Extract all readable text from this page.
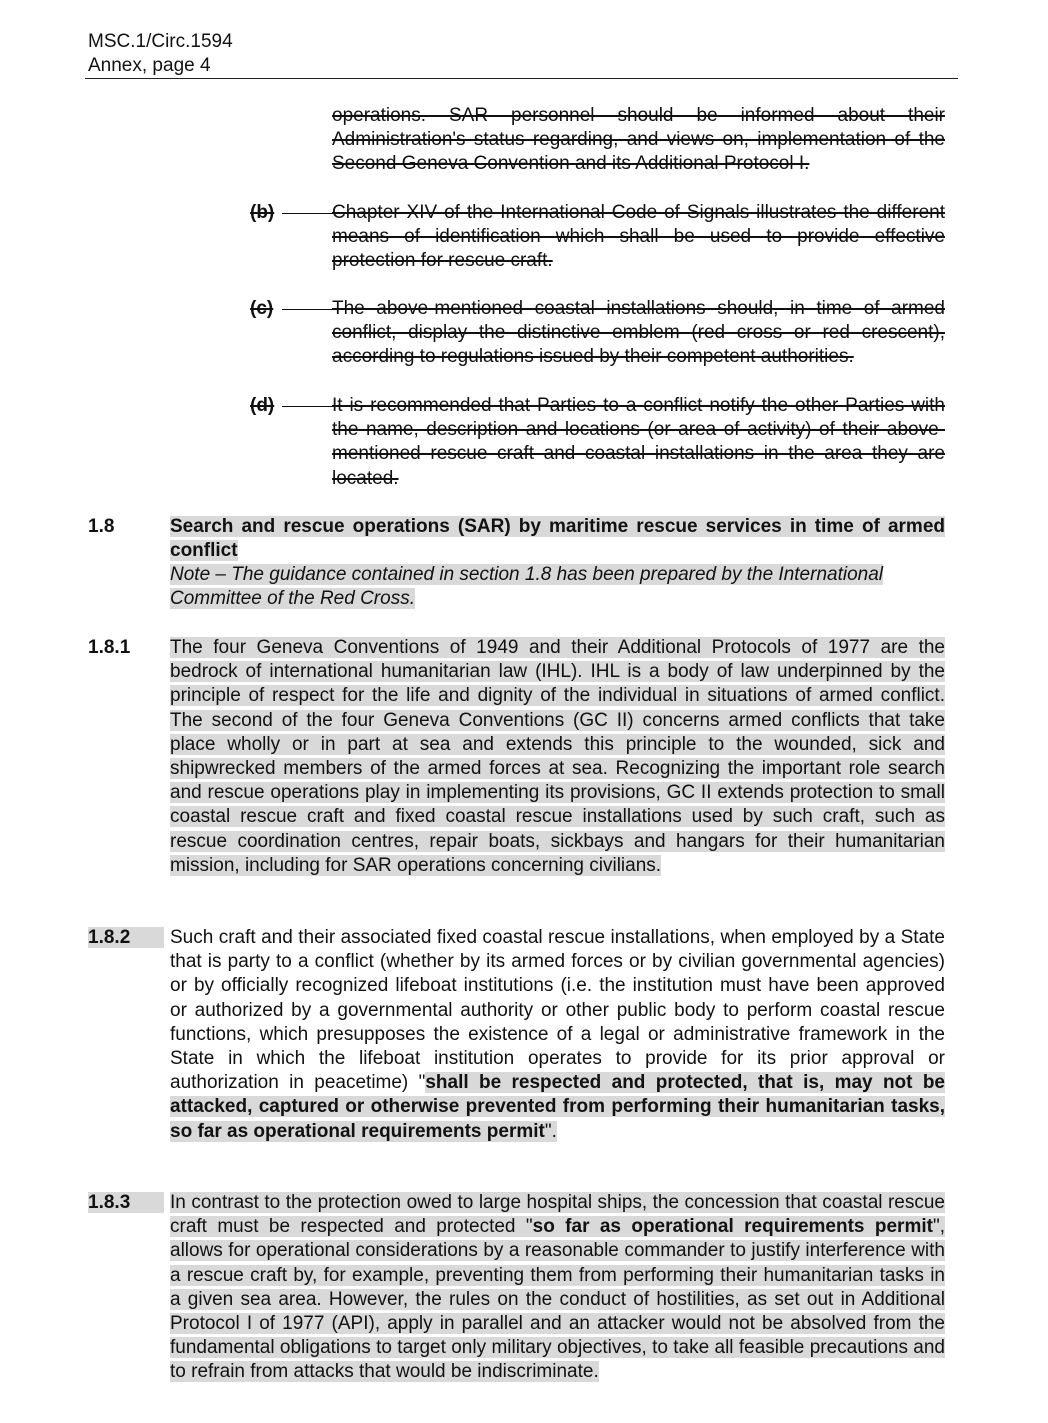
MSC.1/Circ.1594
Annex, page 4
operations. SAR personnel should be informed about their Administration's status regarding, and views on, implementation of the Second Geneva Convention and its Additional Protocol I.
(b)	Chapter XIV of the International Code of Signals illustrates the different means of identification which shall be used to provide effective protection for rescue craft.
(c)	The above-mentioned coastal installations should, in time of armed conflict, display the distinctive emblem (red cross or red crescent), according to regulations issued by their competent authorities.
(d)	It is recommended that Parties to a conflict notify the other Parties with the name, description and locations (or area of activity) of their above-mentioned rescue craft and coastal installations in the area they are located.
1.8	Search and rescue operations (SAR) by maritime rescue services in time of armed conflict
Note – The guidance contained in section 1.8 has been prepared by the International Committee of the Red Cross.
1.8.1 The four Geneva Conventions of 1949 and their Additional Protocols of 1977 are the bedrock of international humanitarian law (IHL). IHL is a body of law underpinned by the principle of respect for the life and dignity of the individual in situations of armed conflict. The second of the four Geneva Conventions (GC II) concerns armed conflicts that take place wholly or in part at sea and extends this principle to the wounded, sick and shipwrecked members of the armed forces at sea. Recognizing the important role search and rescue operations play in implementing its provisions, GC II extends protection to small coastal rescue craft and fixed coastal rescue installations used by such craft, such as rescue coordination centres, repair boats, sickbays and hangars for their humanitarian mission, including for SAR operations concerning civilians.
1.8.2	Such craft and their associated fixed coastal rescue installations, when employed by a State that is party to a conflict (whether by its armed forces or by civilian governmental agencies) or by officially recognized lifeboat institutions (i.e. the institution must have been approved or authorized by a governmental authority or other public body to perform coastal rescue functions, which presupposes the existence of a legal or administrative framework in the State in which the lifeboat institution operates to provide for its prior approval or authorization in peacetime) "shall be respected and protected, that is, may not be attacked, captured or otherwise prevented from performing their humanitarian tasks, so far as operational requirements permit".
1.8.3	In contrast to the protection owed to large hospital ships, the concession that coastal rescue craft must be respected and protected "so far as operational requirements permit", allows for operational considerations by a reasonable commander to justify interference with a rescue craft by, for example, preventing them from performing their humanitarian tasks in a given sea area. However, the rules on the conduct of hostilities, as set out in Additional Protocol I of 1977 (API), apply in parallel and an attacker would not be absolved from the fundamental obligations to target only military objectives, to take all feasible precautions and to refrain from attacks that would be indiscriminate.
